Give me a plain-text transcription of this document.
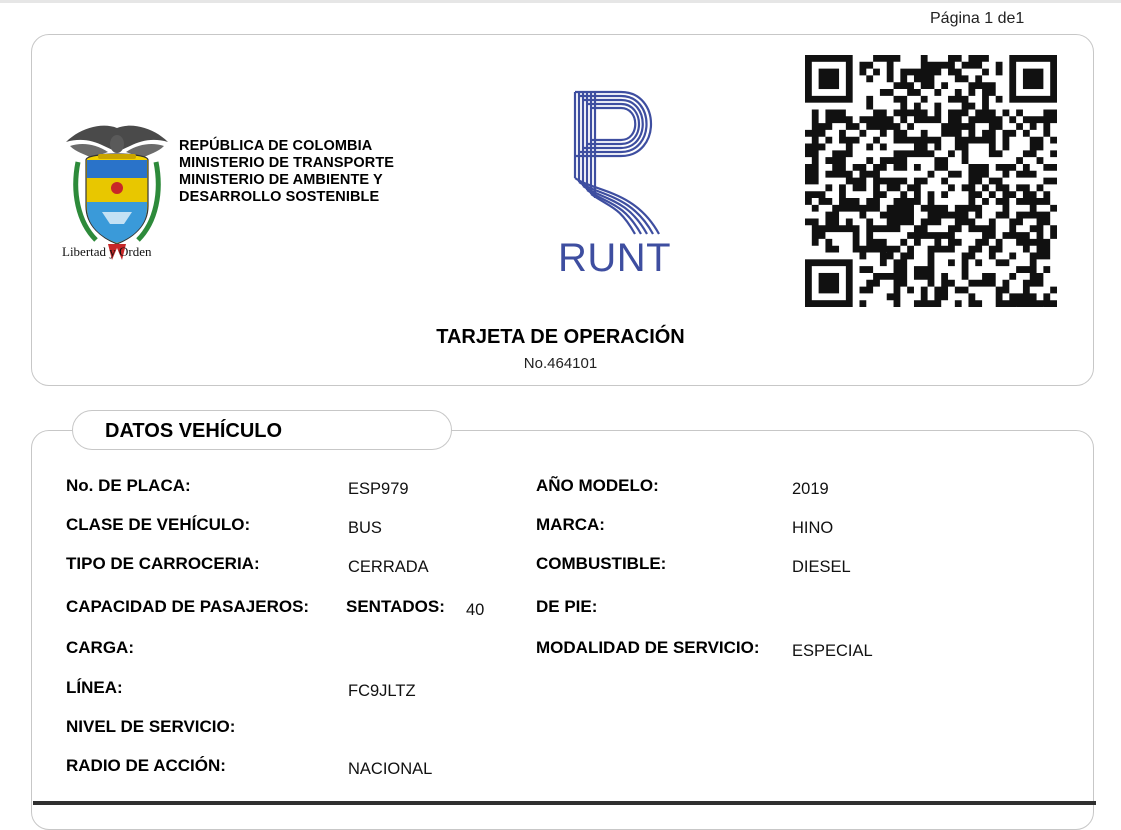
Página 1 de1
Libertad y Orden
REPÚBLICA DE COLOMBIA
MINISTERIO DE TRANSPORTE
MINISTERIO DE AMBIENTE Y
DESARROLLO SOSTENIBLE
RUNT
TARJETA DE OPERACIÓN
No.464101
DATOS VEHÍCULO
No. DE PLACA:	ESP979
CLASE DE VEHÍCULO:	BUS
TIPO DE CARROCERIA:	CERRADA
CAPACIDAD DE PASAJEROS: SENTADOS: 40
CARGA:
LÍNEA:	FC9JLTZ
NIVEL DE SERVICIO:
RADIO DE ACCIÓN:	NACIONAL
AÑO MODELO:	2019
MARCA:	HINO
COMBUSTIBLE:	DIESEL
DE PIE:
MODALIDAD DE SERVICIO: ESPECIAL
